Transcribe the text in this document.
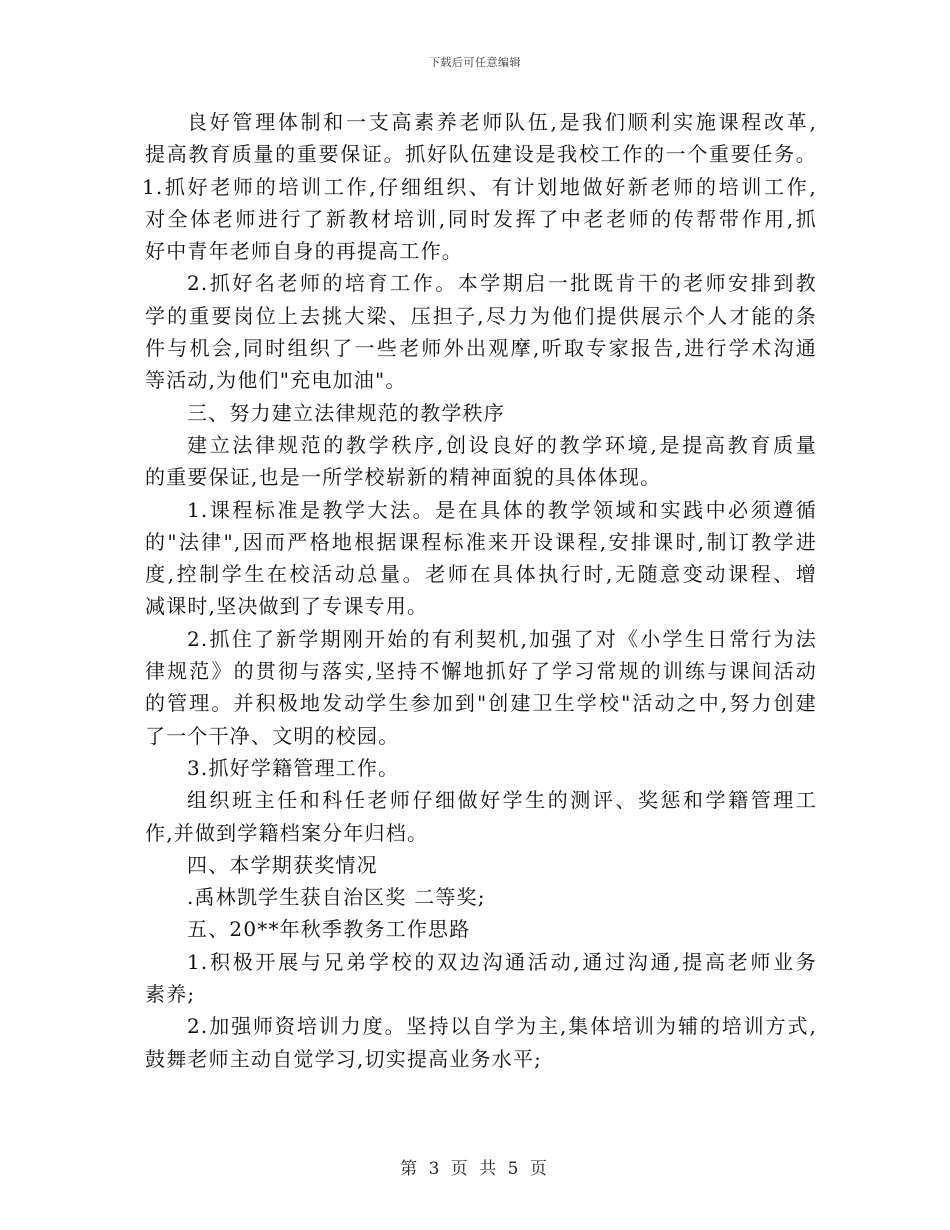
下载后可任意编辑
良好管理体制和一支高素养老师队伍,是我们顺利实施课程改革,
提高教育质量的重要保证。抓好队伍建设是我校工作的一个重要任务。
1.抓好老师的培训工作,仔细组织、有计划地做好新老师的培训工作,
对全体老师进行了新教材培训,同时发挥了中老老师的传帮带作用,抓
好中青年老师自身的再提高工作。
2.抓好名老师的培育工作。本学期启一批既肯干的老师安排到教
学的重要岗位上去挑大梁、压担子,尽力为他们提供展示个人才能的条
件与机会,同时组织了一些老师外出观摩,听取专家报告,进行学术沟通
等活动,为他们"充电加油"。
三、努力建立法律规范的教学秩序
建立法律规范的教学秩序,创设良好的教学环境,是提高教育质量
的重要保证,也是一所学校崭新的精神面貌的具体体现。
1.课程标准是教学大法。是在具体的教学领域和实践中必须遵循
的"法律",因而严格地根据课程标准来开设课程,安排课时,制订教学进
度,控制学生在校活动总量。老师在具体执行时,无随意变动课程、增
减课时,坚决做到了专课专用。
2.抓住了新学期刚开始的有利契机,加强了对《小学生日常行为法
律规范》的贯彻与落实,坚持不懈地抓好了学习常规的训练与课间活动
的管理。并积极地发动学生参加到"创建卫生学校"活动之中,努力创建
了一个干净、文明的校园。
3.抓好学籍管理工作。
组织班主任和科任老师仔细做好学生的测评、奖惩和学籍管理工
作,并做到学籍档案分年归档。
四、本学期获奖情况
.禹林凯学生获自治区奖 二等奖;
五、20**年秋季教务工作思路
1.积极开展与兄弟学校的双边沟通活动,通过沟通,提高老师业务
素养;
2.加强师资培训力度。坚持以自学为主,集体培训为辅的培训方式,
鼓舞老师主动自觉学习,切实提高业务水平;
第 3 页 共 5 页
